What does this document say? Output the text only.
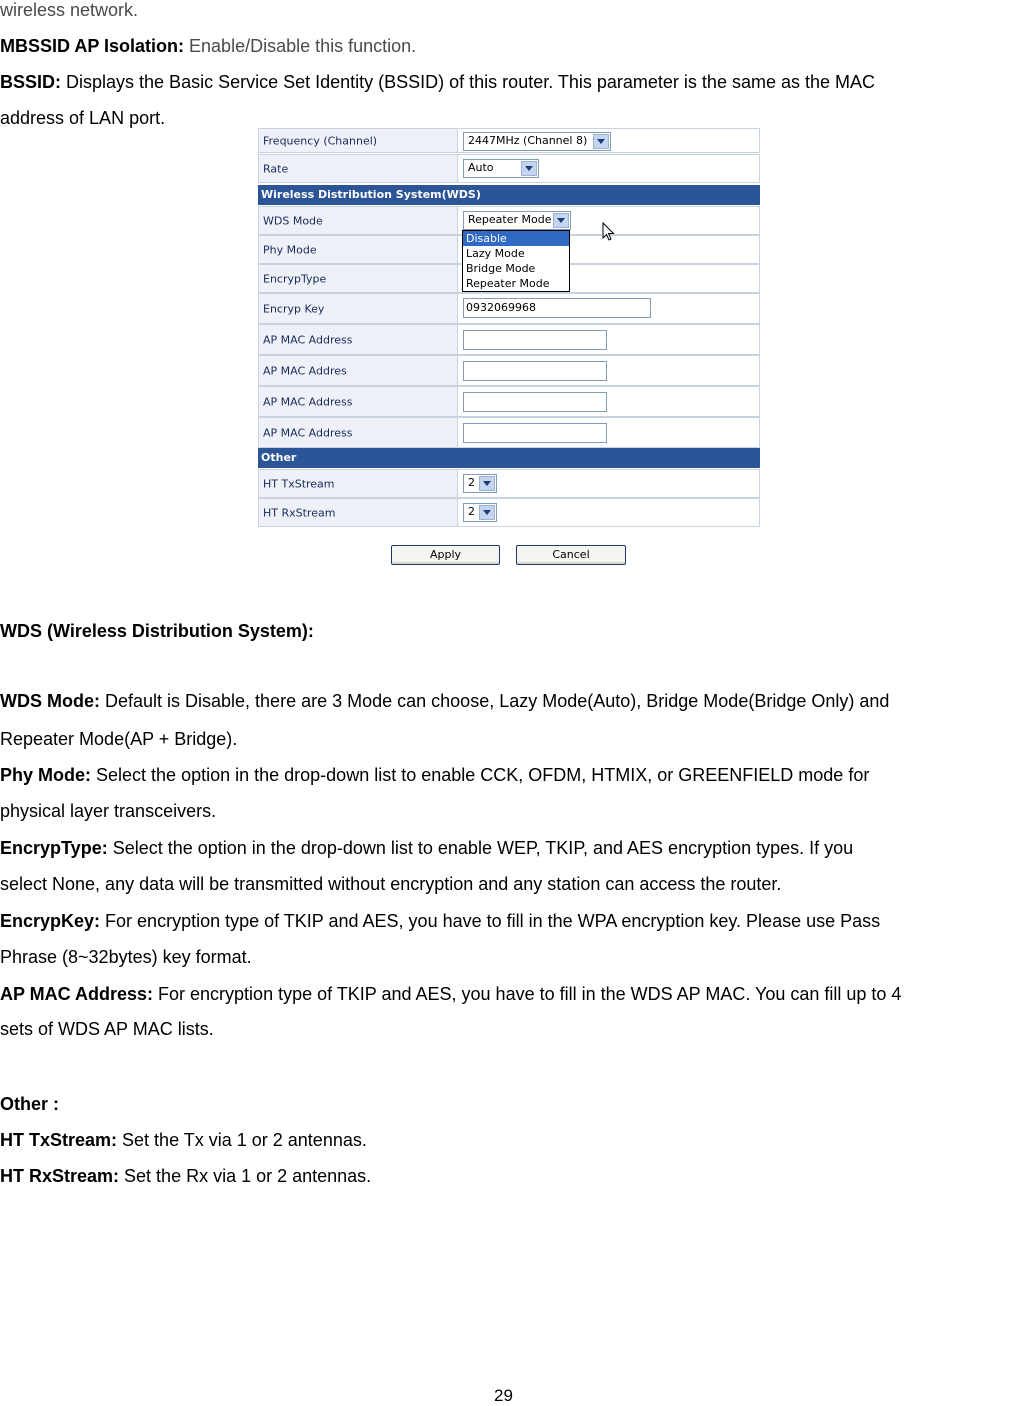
wireless network.
MBSSID AP Isolation: Enable/Disable this function.
BSSID: Displays the Basic Service Set Identity (BSSID) of this router. This parameter is the same as the MAC
address of LAN port.
Frequency (Channel)	2447MHz (Channel 8)
Rate	Auto
Wireless Distribution System(WDS)
WDS Mode	Repeater Mode
Phy Mode
EncrypType
Encryp Key	0932069968
AP MAC Address
AP MAC Addres
AP MAC Address
AP MAC Address
Other
HT TxStream	2
HT RxStream	2
Disable
Lazy Mode
Bridge Mode
Repeater Mode
Apply	Cancel
WDS (Wireless Distribution System):
WDS Mode: Default is Disable, there are 3 Mode can choose, Lazy Mode(Auto), Bridge Mode(Bridge Only) and
Repeater Mode(AP + Bridge).
Phy Mode: Select the option in the drop-down list to enable CCK, OFDM, HTMIX, or GREENFIELD mode for
physical layer transceivers.
EncrypType: Select the option in the drop-down list to enable WEP, TKIP, and AES encryption types. If you
select None, any data will be transmitted without encryption and any station can access the router.
EncrypKey: For encryption type of TKIP and AES, you have to fill in the WPA encryption key. Please use Pass
Phrase (8~32bytes) key format.
AP MAC Address: For encryption type of TKIP and AES, you have to fill in the WDS AP MAC. You can fill up to 4
sets of WDS AP MAC lists.
Other :
HT TxStream: Set the Tx via 1 or 2 antennas.
HT RxStream: Set the Rx via 1 or 2 antennas.
29
